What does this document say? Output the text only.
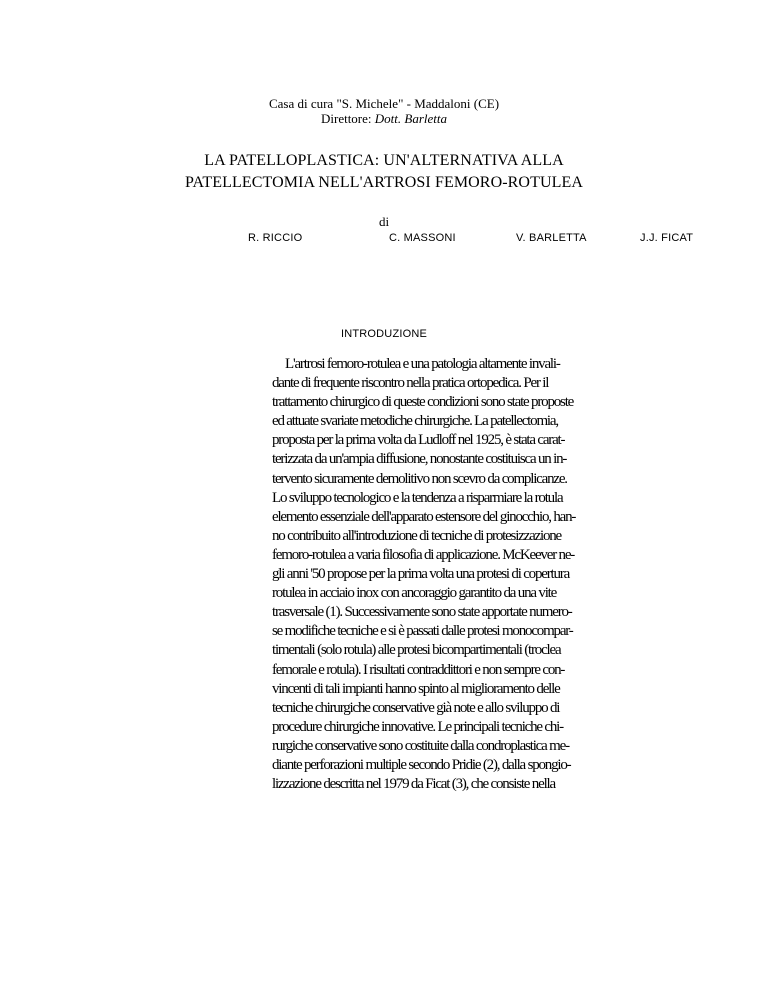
Casa di cura "S. Michele" - Maddaloni (CE)
Direttore: Dott. Barletta
LA PATELLOPLASTICA: UN'ALTERNATIVA ALLA
PATELLECTOMIA NELL'ARTROSI FEMORO-ROTULEA
di
R. RICCIO	C. MASSONI	V. BARLETTA	J.J. FICAT
INTRODUZIONE
L'artrosi femoro-rotulea e una patologia altamente invali-
dante di frequente riscontro nella pratica ortopedica. Per il
trattamento chirurgico di queste condizioni sono state proposte
ed attuate svariate metodiche chirurgiche. La patellectomia,
proposta per la prima volta da Ludloff nel 1925, è stata carat-
terizzata da un'ampia diffusione, nonostante costituisca un in-
tervento sicuramente demolitivo non scevro da complicanze.
Lo sviluppo tecnologico e la tendenza a risparmiare la rotula
elemento essenziale dell'apparato estensore del ginocchio, han-
no contribuito all'introduzione di tecniche di protesizzazione
femoro-rotulea a varia filosofia di applicazione. McKeever ne-
gli anni '50 propose per la prima volta una protesi di copertura
rotulea in acciaio inox con ancoraggio garantito da una vite
trasversale (1). Successivamente sono state apportate numero-
se modifiche tecniche e si è passati dalle protesi monocompar-
timentali (solo rotula) alle protesi bicompartimentali (troclea
femorale e rotula). I risultati contraddittori e non sempre con-
vincenti di tali impianti hanno spinto al miglioramento delle
tecniche chirurgiche conservative già note e allo sviluppo di
procedure chirurgiche innovative. Le principali tecniche chi-
rurgiche conservative sono costituite dalla condroplastica me-
diante perforazioni multiple secondo Pridie (2), dalla spongio-
lizzazione descritta nel 1979 da Ficat (3), che consiste nella
